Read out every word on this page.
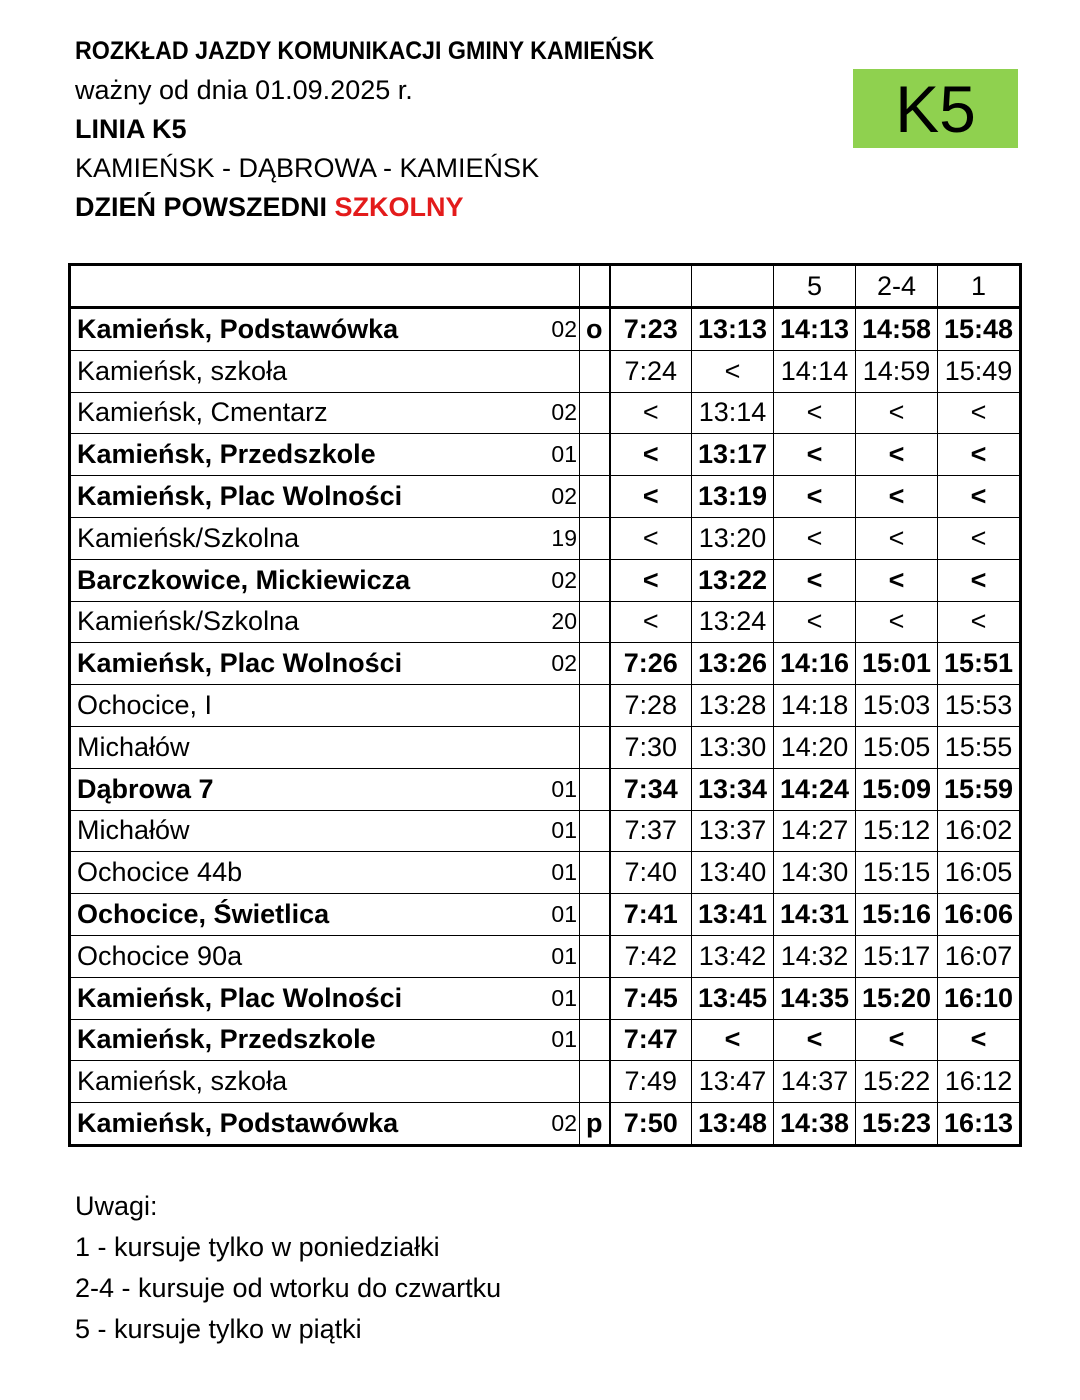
ROZKŁAD JAZDY KOMUNIKACJI GMINY KAMIEŃSK
ważny od dnia 01.09.2025 r.
LINIA K5
KAMIEŃSK - DĄBROWA - KAMIEŃSK
DZIEŃ POWSZEDNI SZKOLNY
K5
					5	2-4	1
Kamieńsk, Podstawówka	02	o	7:23	13:13	14:13	14:58	15:48
Kamieńsk, szkoła			7:24	<	14:14	14:59	15:49
Kamieńsk, Cmentarz	02		<	13:14	<	<	<
Kamieńsk, Przedszkole	01		<	13:17	<	<	<
Kamieńsk, Plac Wolności	02		<	13:19	<	<	<
Kamieńsk/Szkolna	19		<	13:20	<	<	<
Barczkowice, Mickiewicza	02		<	13:22	<	<	<
Kamieńsk/Szkolna	20		<	13:24	<	<	<
Kamieńsk, Plac Wolności	02		7:26	13:26	14:16	15:01	15:51
Ochocice, I			7:28	13:28	14:18	15:03	15:53
Michałów			7:30	13:30	14:20	15:05	15:55
Dąbrowa 7	01		7:34	13:34	14:24	15:09	15:59
Michałów	01		7:37	13:37	14:27	15:12	16:02
Ochocice 44b	01		7:40	13:40	14:30	15:15	16:05
Ochocice, Świetlica	01		7:41	13:41	14:31	15:16	16:06
Ochocice 90a	01		7:42	13:42	14:32	15:17	16:07
Kamieńsk, Plac Wolności	01		7:45	13:45	14:35	15:20	16:10
Kamieńsk, Przedszkole	01		7:47	<	<	<	<
Kamieńsk, szkoła			7:49	13:47	14:37	15:22	16:12
Kamieńsk, Podstawówka	02	p	7:50	13:48	14:38	15:23	16:13
Uwagi:
1 - kursuje tylko w poniedziałki
2-4 - kursuje od wtorku do czwartku
5 - kursuje tylko w piątki
